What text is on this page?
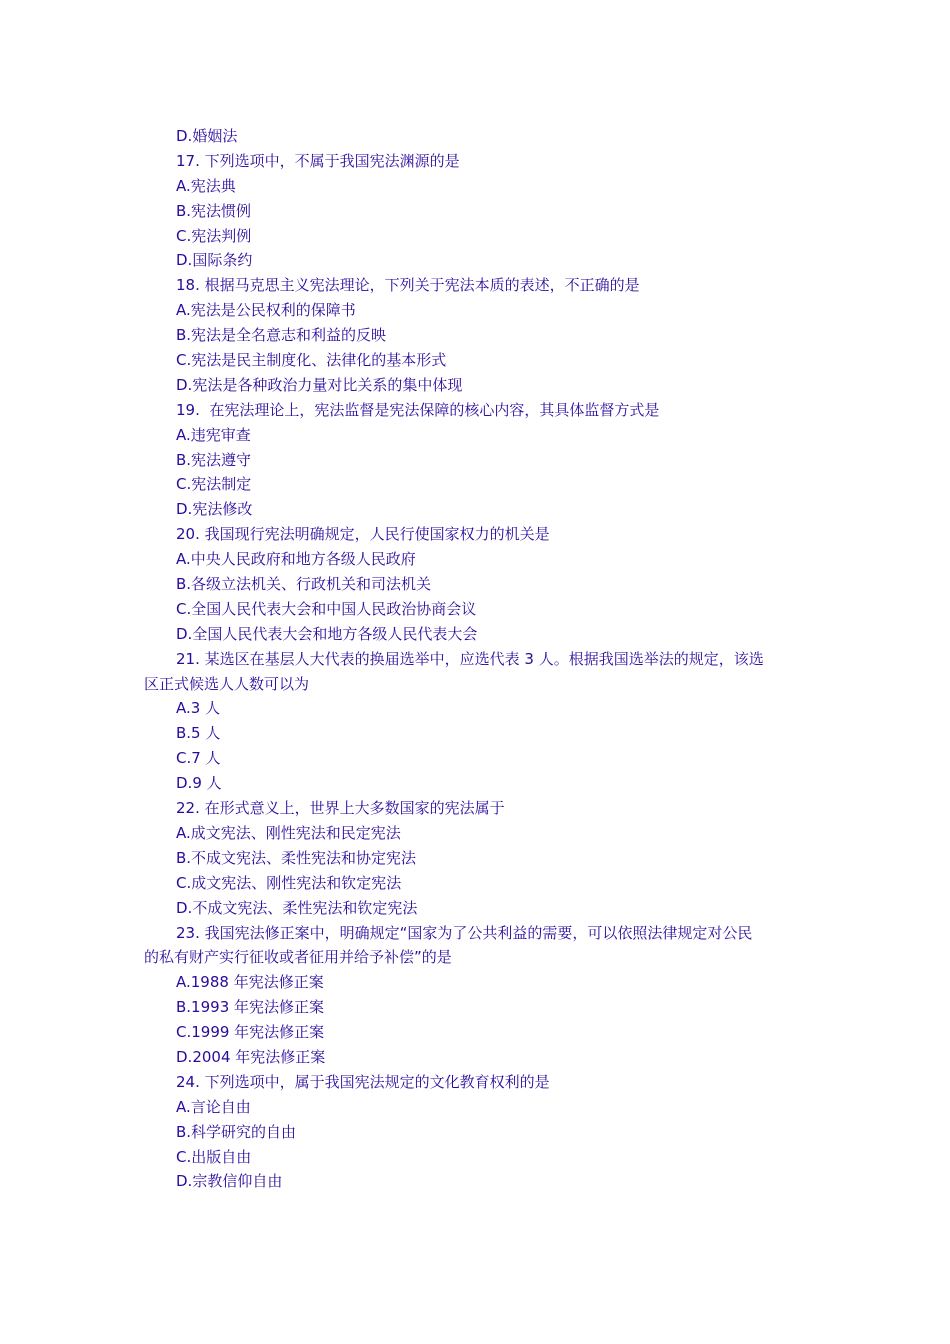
D.婚姻法

17. 下列选项中，不属于我国宪法渊源的是

A.宪法典

B.宪法惯例

C.宪法判例

D.国际条约

18. 根据马克思主义宪法理论，下列关于宪法本质的表述，不正确的是

A.宪法是公民权利的保障书

B.宪法是全名意志和利益的反映

C.宪法是民主制度化、法律化的基本形式

D.宪法是各种政治力量对比关系的集中体现

19.  在宪法理论上，宪法监督是宪法保障的核心内容，其具体监督方式是

A.违宪审查

B.宪法遵守

C.宪法制定

D.宪法修改

20. 我国现行宪法明确规定，人民行使国家权力的机关是

A.中央人民政府和地方各级人民政府

B.各级立法机关、行政机关和司法机关

C.全国人民代表大会和中国人民政治协商会议

D.全国人民代表大会和地方各级人民代表大会

21. 某选区在基层人大代表的换届选举中，应选代表 3 人。根据我国选举法的规定，该选

区正式候选人人数可以为

A.3 人

B.5 人

C.7 人

D.9 人

22. 在形式意义上，世界上大多数国家的宪法属于

A.成文宪法、刚性宪法和民定宪法

B.不成文宪法、柔性宪法和协定宪法

C.成文宪法、刚性宪法和钦定宪法

D.不成文宪法、柔性宪法和钦定宪法

23. 我国宪法修正案中，明确规定“国家为了公共利益的需要，可以依照法律规定对公民

的私有财产实行征收或者征用并给予补偿”的是

A.1988 年宪法修正案

B.1993 年宪法修正案

C.1999 年宪法修正案

D.2004 年宪法修正案

24. 下列选项中，属于我国宪法规定的文化教育权利的是

A.言论自由

B.科学研究的自由

C.出版自由

D.宗教信仰自由
